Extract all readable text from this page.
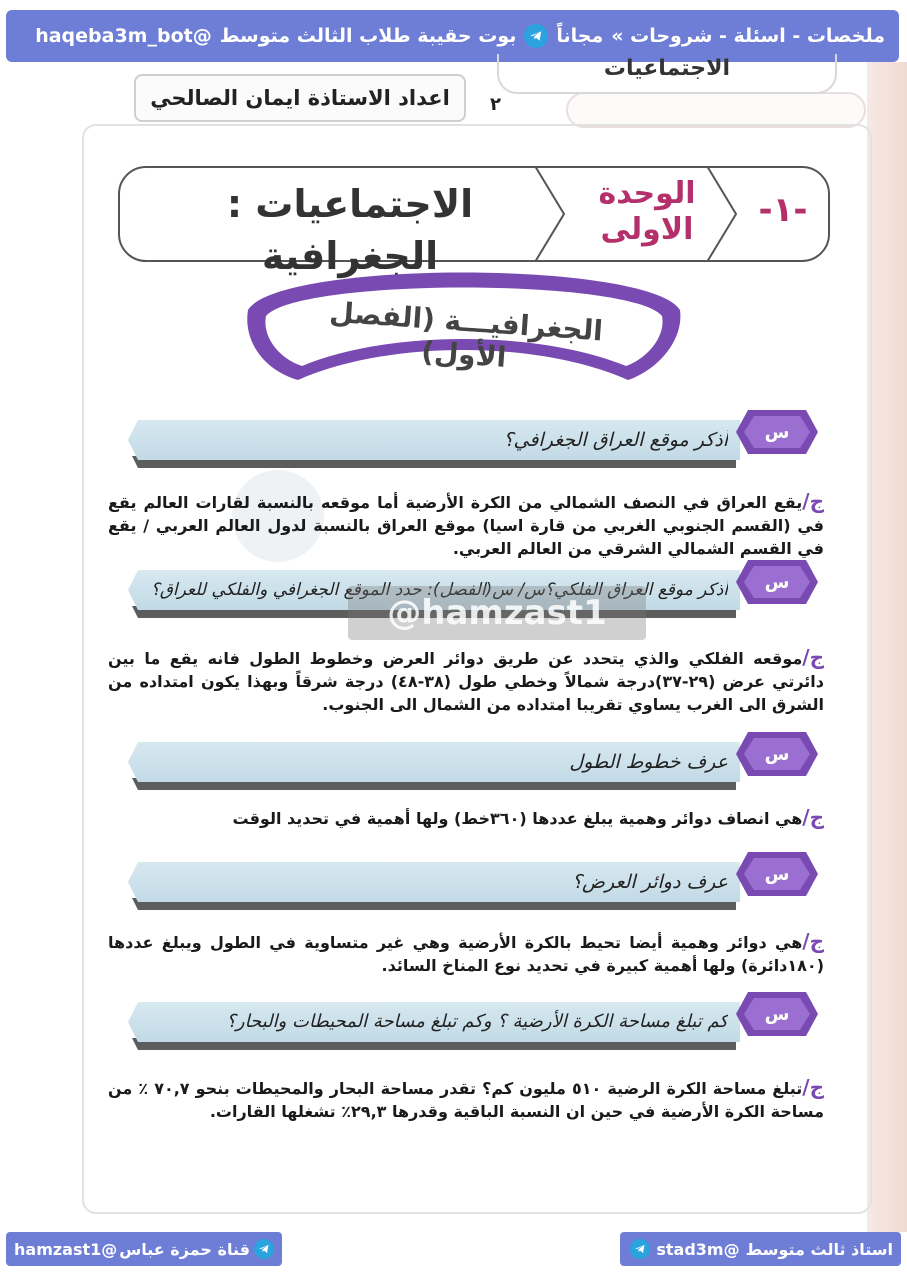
ملخصات - اسئلة - شروحات »
مجاناً
بوت حقيبة طلاب الثالث متوسط
@haqeba3m_bot
الاجتماعيات
٢
اعداد الاستاذة ايمان الصالحي
الاجتماعيات : الجغرافية
الوحدة
الاولى	-١-
الجغرافيـــة (الفصل الأول)
أذكر موقع العراق الجغرافي؟ س
ج/يقع العراق في النصف الشمالي من الكرة الأرضية أما موقعه بالنسبة لقارات العالم يقع في (القسم الجنوبي الغربي من قارة اسيا) موقع العراق بالنسبة لدول العالم العربي / يقع في القسم الشمالي الشرقي من العالم العربي.
أذكر موقع العراق الفلكي؟س/ س(الفصل): حدد الموقع الجغرافي والفلكي للعراق؟ س
@hamzast1
ج/موقعه الفلكي والذي يتحدد عن طريق دوائر العرض وخطوط الطول فانه يقع ما بين دائرتي عرض (٢٩-٣٧)درجة شمالاً وخطي طول (٣٨-٤٨) درجة شرقاً وبهذا يكون امتداده من الشرق الى الغرب يساوي تقريبا امتداده من الشمال الى الجنوب.
عرف خطوط الطول س
ج/هي انصاف دوائر وهمية يبلغ عددها (٣٦٠خط) ولها أهمية في تحديد الوقت
عرف دوائر العرض؟ س
ج/هي دوائر وهمية أيضا تحيط بالكرة الأرضية وهي غير متساوية في الطول ويبلغ عددها (١٨٠دائرة) ولها أهمية كبيرة في تحديد نوع المناخ السائد.
كم تبلغ مساحة الكرة الأرضية ؟ وكم تبلغ مساحة المحيطات والبحار؟ س
ج/تبلغ مساحة الكرة الرضية ٥١٠ مليون كم؟ تقدر مساحة البحار والمحيطات بنحو ٧٠,٧ ٪ من مساحة الكرة الأرضية في حين ان النسبة الباقية وقدرها ٢٩,٣٪ تشغلها القارات.
قناة حمزة عباس
@hamzast1	استاذ ثالث متوسط
@stad3m
